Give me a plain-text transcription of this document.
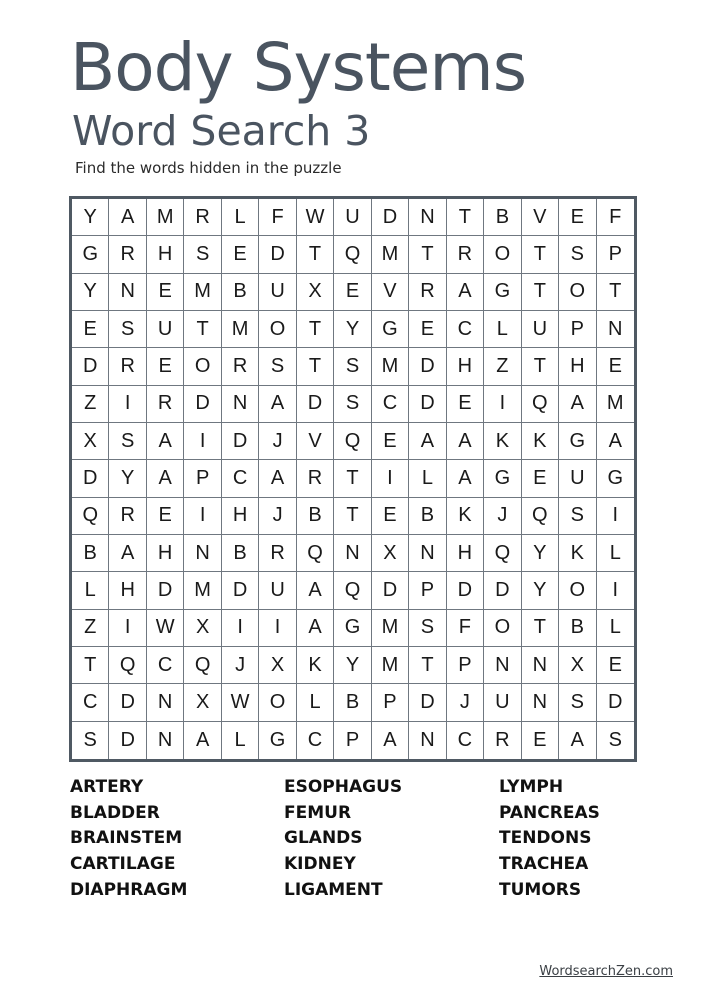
Body Systems
Word Search 3
Find the words hidden in the puzzle
Y	A	M	R	L	F	W	U	D	N	T	B	V	E	F
G	R	H	S	E	D	T	Q	M	T	R	O	T	S	P
Y	N	E	M	B	U	X	E	V	R	A	G	T	O	T
E	S	U	T	M	O	T	Y	G	E	C	L	U	P	N
D	R	E	O	R	S	T	S	M	D	H	Z	T	H	E
Z	I	R	D	N	A	D	S	C	D	E	I	Q	A	M
X	S	A	I	D	J	V	Q	E	A	A	K	K	G	A
D	Y	A	P	C	A	R	T	I	L	A	G	E	U	G
Q	R	E	I	H	J	B	T	E	B	K	J	Q	S	I
B	A	H	N	B	R	Q	N	X	N	H	Q	Y	K	L
L	H	D	M	D	U	A	Q	D	P	D	D	Y	O	I
Z	I	W	X	I	I	A	G	M	S	F	O	T	B	L
T	Q	C	Q	J	X	K	Y	M	T	P	N	N	X	E
C	D	N	X	W	O	L	B	P	D	J	U	N	S	D
S	D	N	A	L	G	C	P	A	N	C	R	E	A	S
ARTERY
BLADDER
BRAINSTEM
CARTILAGE
DIAPHRAGM
ESOPHAGUS
FEMUR
GLANDS
KIDNEY
LIGAMENT
LYMPH
PANCREAS
TENDONS
TRACHEA
TUMORS
WordsearchZen.com
